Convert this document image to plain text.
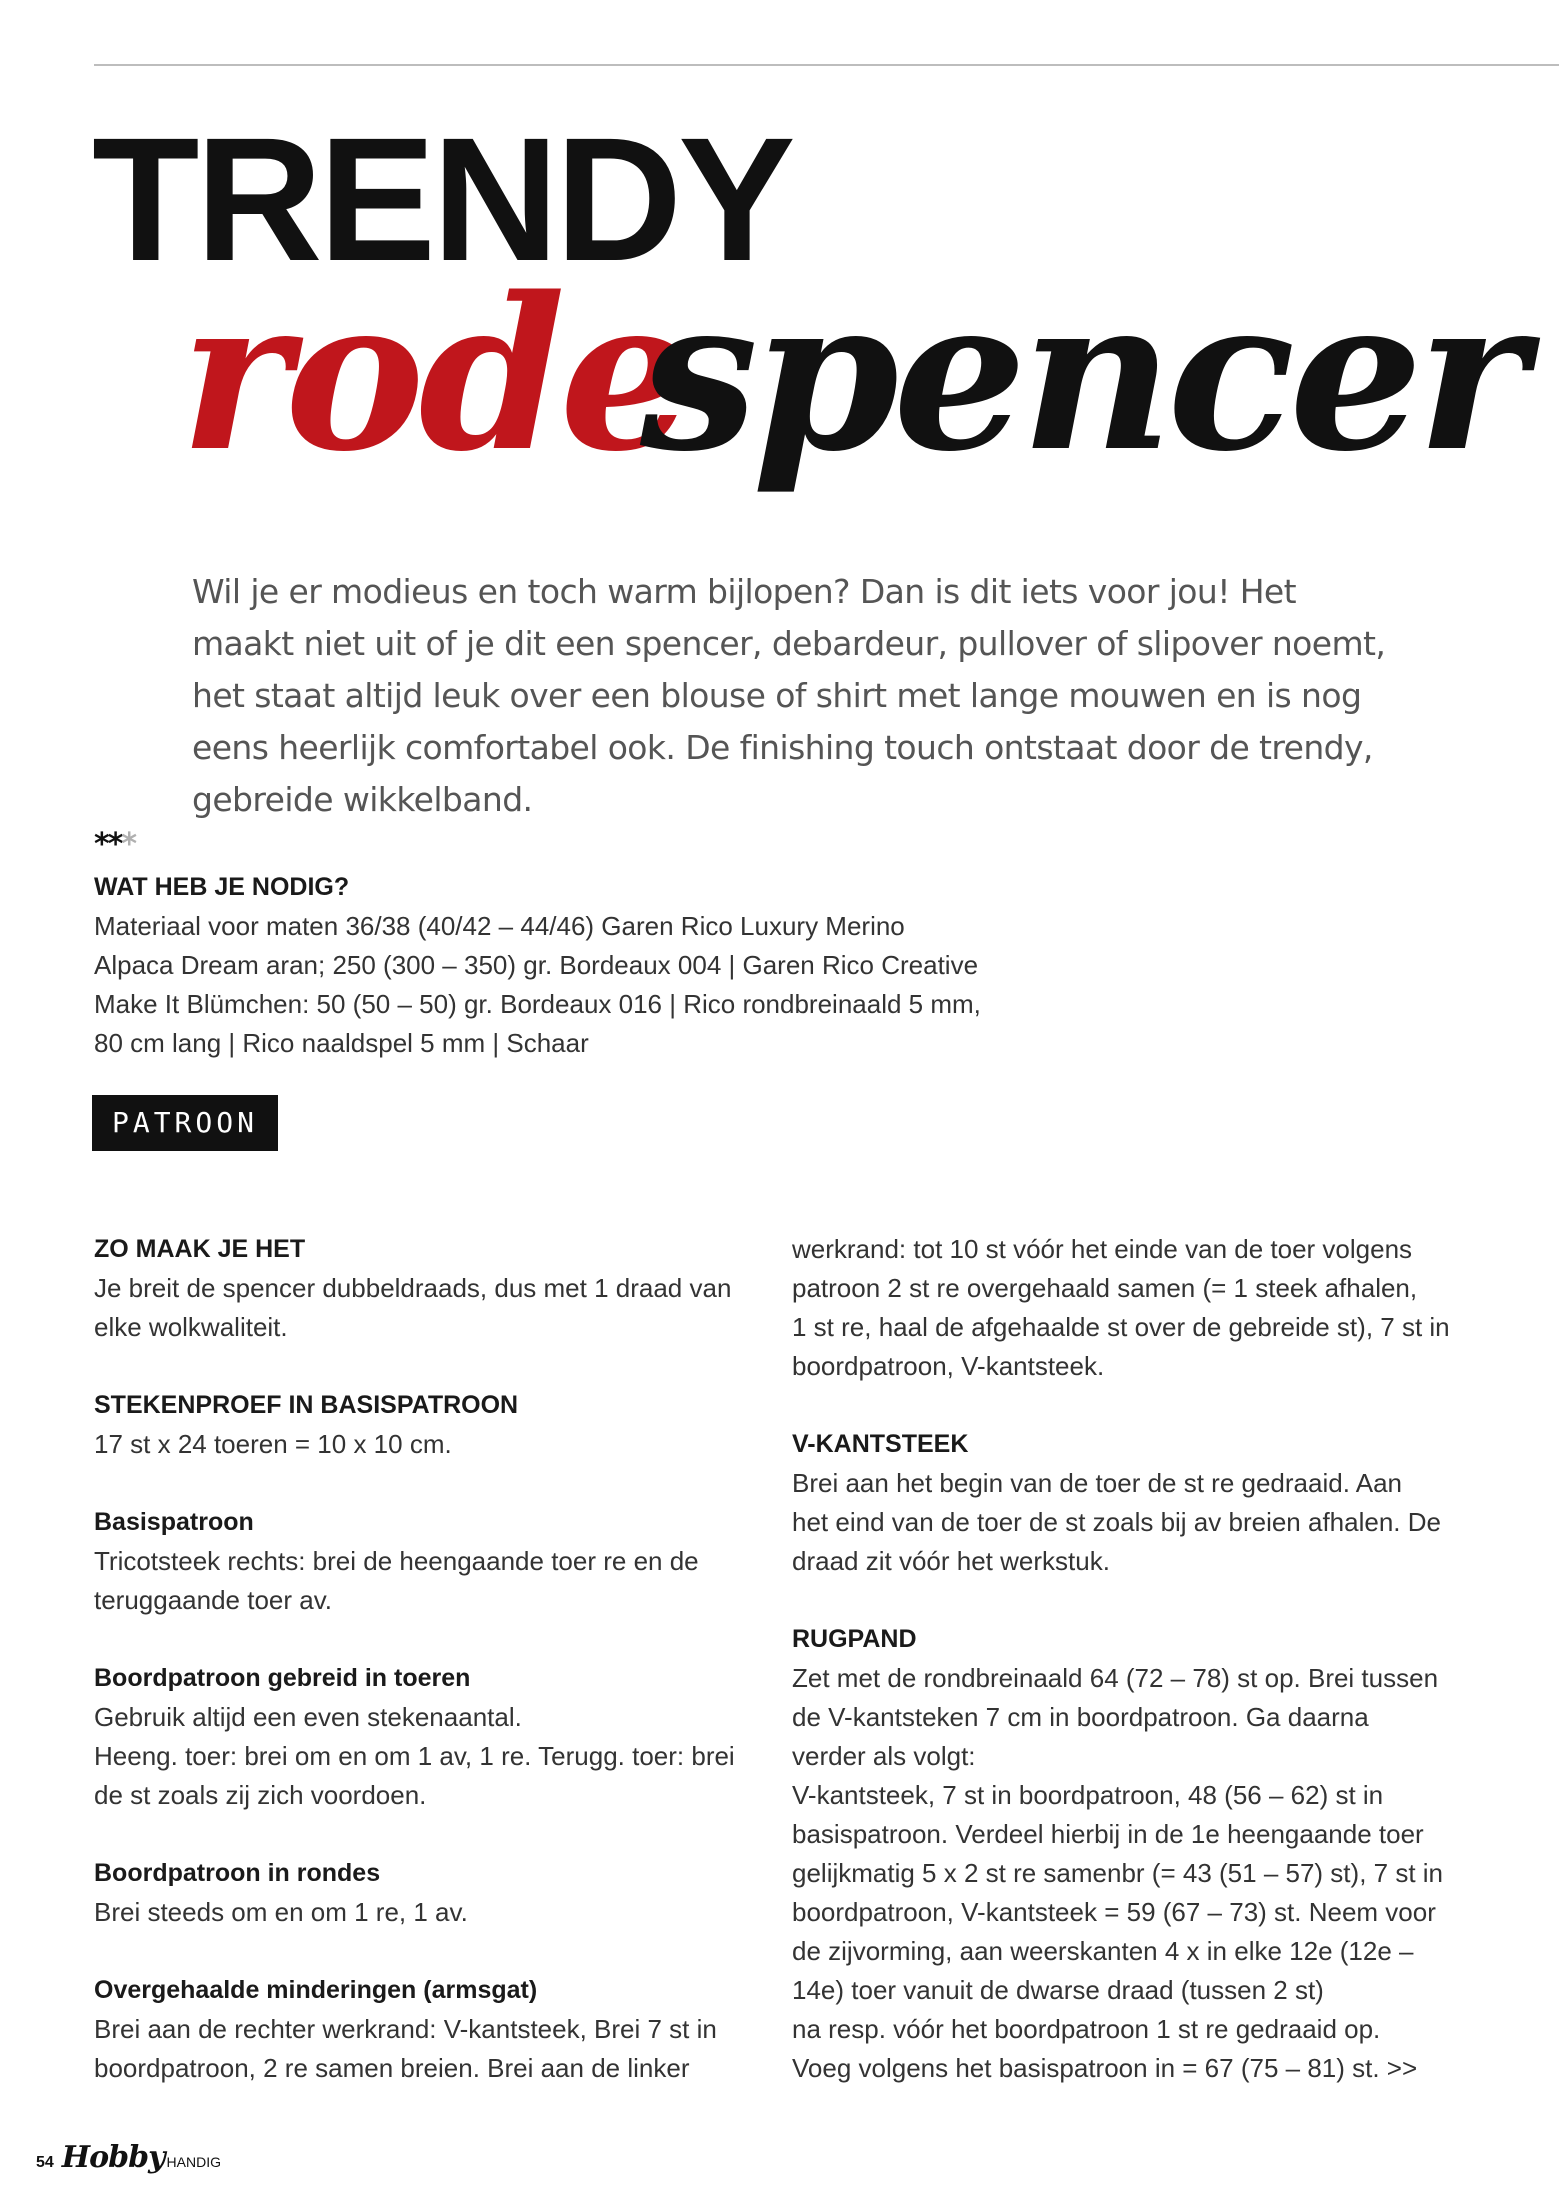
TRENDY
rode
spencer

Wil je er modieus en toch warm bijlopen? Dan is dit iets voor jou! Het maakt niet uit of je dit een spencer, debardeur, pullover of slipover noemt, het staat altijd leuk over een blouse of shirt met lange mouwen en is nog eens heerlijk comfortabel ook. De finishing touch ontstaat door de trendy, gebreide wikkelband.

***

WAT HEB JE NODIG?

Materiaal voor maten 36/38 (40/42 – 44/46) Garen Rico Luxury Merino

Alpaca Dream aran; 250 (300 – 350) gr. Bordeaux 004 | Garen Rico Creative

Make It Blümchen: 50 (50 – 50) gr. Bordeaux 016 | Rico rondbreinaald 5 mm,

80 cm lang | Rico naaldspel 5 mm | Schaar

PATROON

ZO MAAK JE HET

Je breit de spencer dubbeldraads, dus met 1 draad van

elke wolkwaliteit.

STEKENPROEF IN BASISPATROON

17 st x 24 toeren = 10 x 10 cm.

Basispatroon

Tricotsteek rechts: brei de heengaande toer re en de

teruggaande toer av.

Boordpatroon gebreid in toeren

Gebruik altijd een even stekenaantal.

Heeng. toer: brei om en om 1 av, 1 re. Terugg. toer: brei

de st zoals zij zich voordoen.

Boordpatroon in rondes

Brei steeds om en om 1 re, 1 av.

Overgehaalde minderingen (armsgat)

Brei aan de rechter werkrand: V-kantsteek, Brei 7 st in

boordpatroon, 2 re samen breien. Brei aan de linker

werkrand: tot 10 st vóór het einde van de toer volgens

patroon 2 st re overgehaald samen (= 1 steek afhalen,

1 st re, haal de afgehaalde st over de gebreide st), 7 st in

boordpatroon, V-kantsteek.

V-KANTSTEEK

Brei aan het begin van de toer de st re gedraaid. Aan

het eind van de toer de st zoals bij av breien afhalen. De

draad zit vóór het werkstuk.

RUGPAND

Zet met de rondbreinaald 64 (72 – 78) st op. Brei tussen

de V-kantsteken 7 cm in boordpatroon. Ga daarna

verder als volgt:

V-kantsteek, 7 st in boordpatroon, 48 (56 – 62) st in

basispatroon. Verdeel hierbij in de 1e heengaande toer

gelijkmatig 5 x 2 st re samenbr (= 43 (51 – 57) st), 7 st in

boordpatroon, V-kantsteek = 59 (67 – 73) st. Neem voor

de zijvorming, aan weerskanten 4 x in elke 12e (12e –

14e) toer vanuit de dwarse draad (tussen 2 st)

na resp. vóór het boordpatroon 1 st re gedraaid op.

Voeg volgens het basispatroon in = 67 (75 – 81) st. >>

54 Hobby HANDIG
